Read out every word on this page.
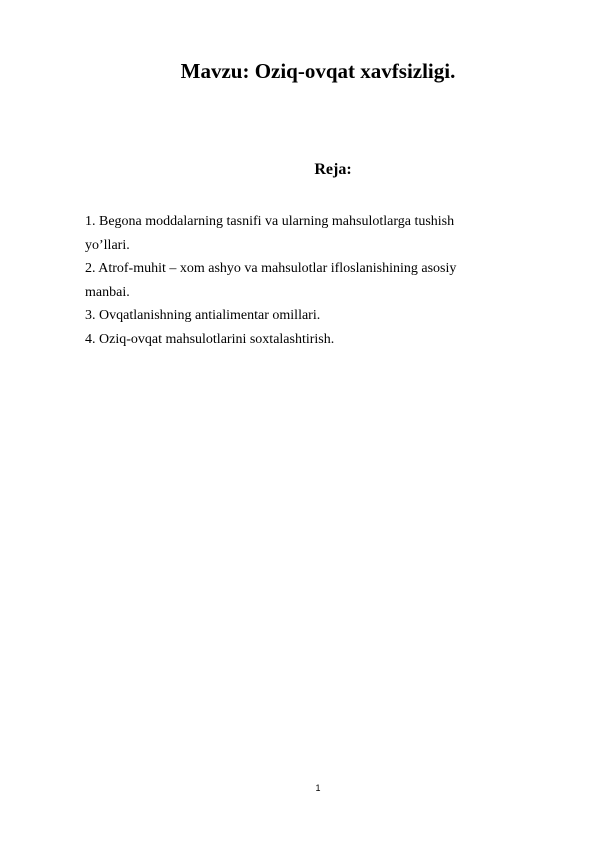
Mavzu: Oziq-ovqat xavfsizligi.
Reja:
1. Begona moddalarning tasnifi va ularning mahsulotlarga tushish
yo’llari.
2. Atrof-muhit – xom ashyo va mahsulotlar ifloslanishining asosiy
manbai.
3. Ovqatlanishning antialimentar omillari.
4. Oziq-ovqat mahsulotlarini soxtalashtirish.
1
